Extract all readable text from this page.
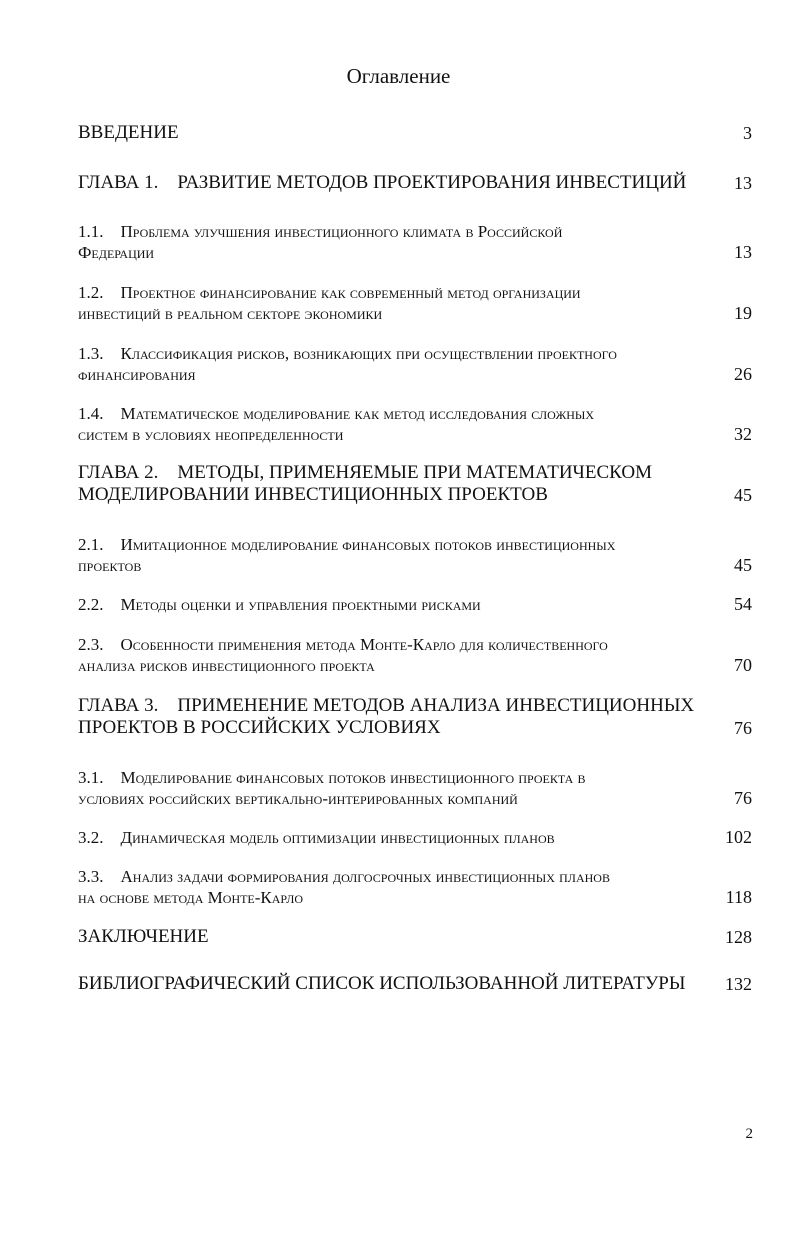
Оглавление
ВВЕДЕНИЕ	3
ГЛАВА 1.    РАЗВИТИЕ МЕТОДОВ ПРОЕКТИРОВАНИЯ ИНВЕСТИЦИЙ	13
1.1.    Проблема улучшения инвестиционного климата в Российской
Федерации	13
1.2.    Проектное финансирование как современный метод организации
инвестиций в реальном секторе экономики	19
1.3.    Классификация рисков, возникающих при осуществлении проектного
финансирования	26
1.4.    Математическое моделирование как метод исследования сложных
систем в условиях неопределенности	32
ГЛАВА 2.    МЕТОДЫ, ПРИМЕНЯЕМЫЕ ПРИ МАТЕМАТИЧЕСКОМ
МОДЕЛИРОВАНИИ ИНВЕСТИЦИОННЫХ ПРОЕКТОВ	45
2.1.    Имитационное моделирование финансовых потоков инвестиционных
проектов	45
2.2.    Методы оценки и управления проектными рисками	54
2.3.    Особенности применения метода Монте-Карло для количественного
анализа рисков инвестиционного проекта	70
ГЛАВА 3.    ПРИМЕНЕНИЕ МЕТОДОВ АНАЛИЗА ИНВЕСТИЦИОННЫХ
ПРОЕКТОВ В РОССИЙСКИХ УСЛОВИЯХ	76
3.1.    Моделирование финансовых потоков инвестиционного проекта в
условиях российских вертикально-интерированных компаний	76
3.2.    Динамическая модель оптимизации инвестиционных планов	102
3.3.    Анализ задачи формирования долгосрочных инвестиционных планов
на основе метода Монте-Карло	118
ЗАКЛЮЧЕНИЕ	128
БИБЛИОГРАФИЧЕСКИЙ СПИСОК ИСПОЛЬЗОВАННОЙ ЛИТЕРАТУРЫ	132
2
